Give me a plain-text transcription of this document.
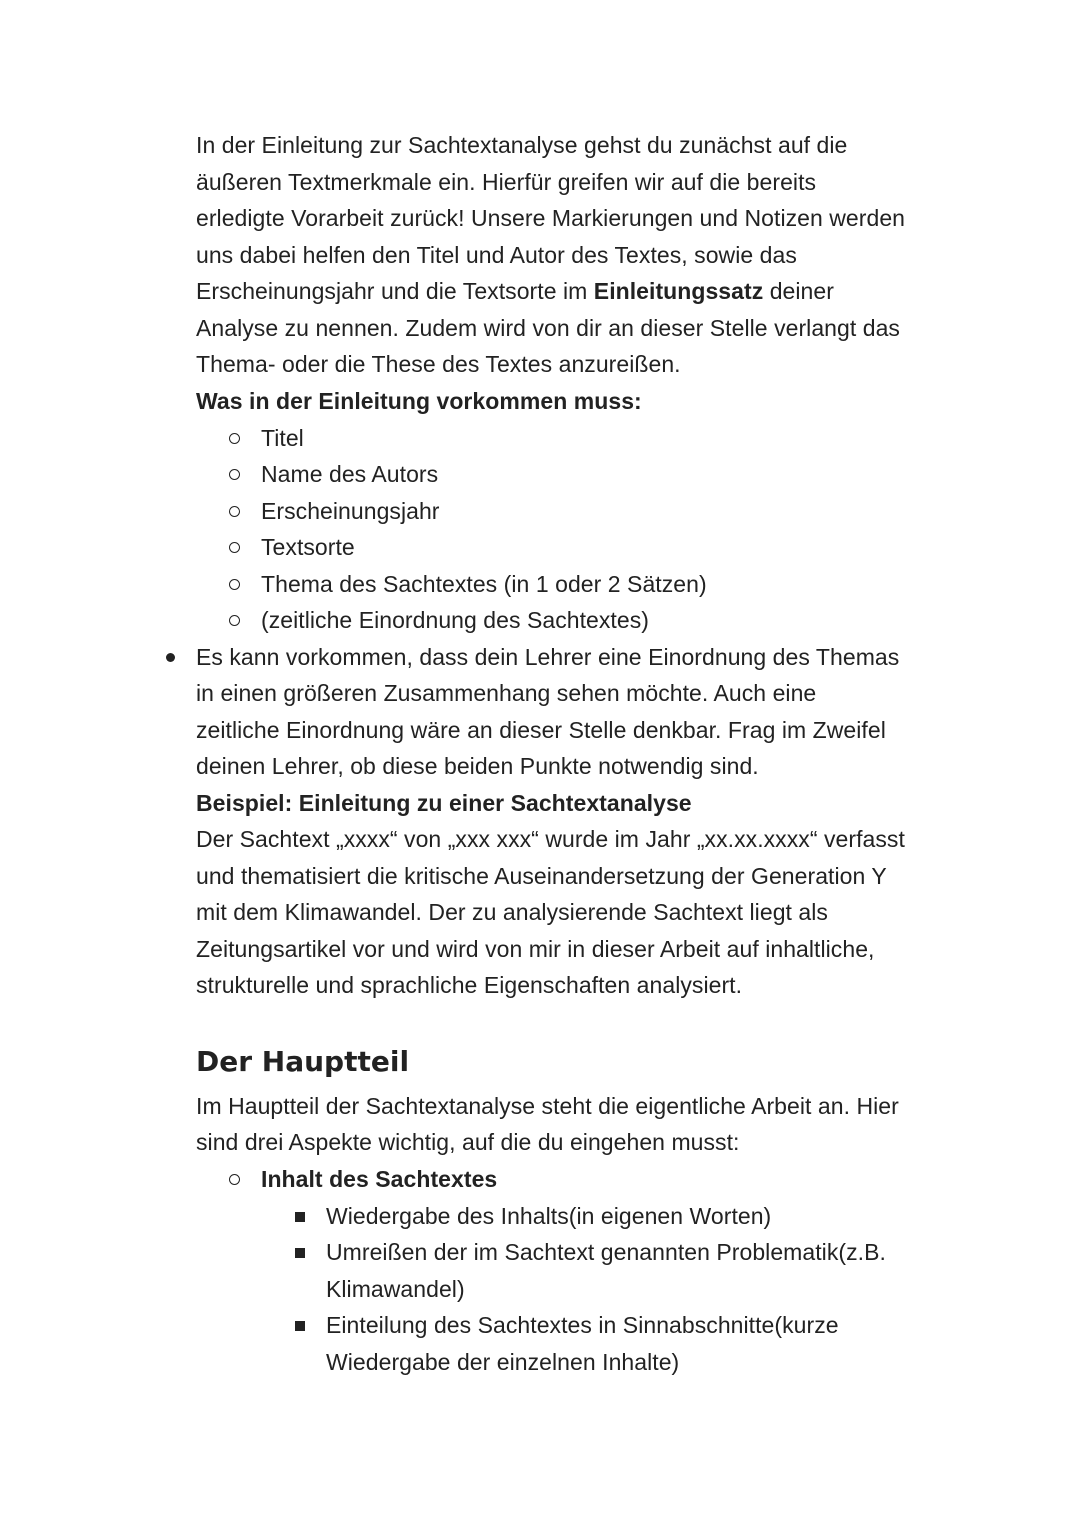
In der Einleitung zur Sachtextanalyse gehst du zunächst auf die
äußeren Textmerkmale ein. Hierfür greifen wir auf die bereits
erledigte Vorarbeit zurück! Unsere Markierungen und Notizen werden
uns dabei helfen den Titel und Autor des Textes, sowie das
Erscheinungsjahr und die Textsorte im Einleitungssatz deiner
Analyse zu nennen. Zudem wird von dir an dieser Stelle verlangt das
Thema- oder die These des Textes anzureißen.
Was in der Einleitung vorkommen muss:
Titel
Name des Autors
Erscheinungsjahr
Textsorte
Thema des Sachtextes (in 1 oder 2 Sätzen)
(zeitliche Einordnung des Sachtextes)
Es kann vorkommen, dass dein Lehrer eine Einordnung des Themas
in einen größeren Zusammenhang sehen möchte. Auch eine
zeitliche Einordnung wäre an dieser Stelle denkbar. Frag im Zweifel
deinen Lehrer, ob diese beiden Punkte notwendig sind.
Beispiel: Einleitung zu einer Sachtextanalyse
Der Sachtext „xxxx“ von „xxx xxx“ wurde im Jahr „xx.xx.xxxx“ verfasst
und thematisiert die kritische Auseinandersetzung der Generation Y
mit dem Klimawandel. Der zu analysierende Sachtext liegt als
Zeitungsartikel vor und wird von mir in dieser Arbeit auf inhaltliche,
strukturelle und sprachliche Eigenschaften analysiert.
Der Hauptteil
Im Hauptteil der Sachtextanalyse steht die eigentliche Arbeit an. Hier
sind drei Aspekte wichtig, auf die du eingehen musst:
Inhalt des Sachtextes
Wiedergabe des Inhalts(in eigenen Worten)
Umreißen der im Sachtext genannten Problematik(z.B.
Klimawandel)
Einteilung des Sachtextes in Sinnabschnitte(kurze
Wiedergabe der einzelnen Inhalte)
